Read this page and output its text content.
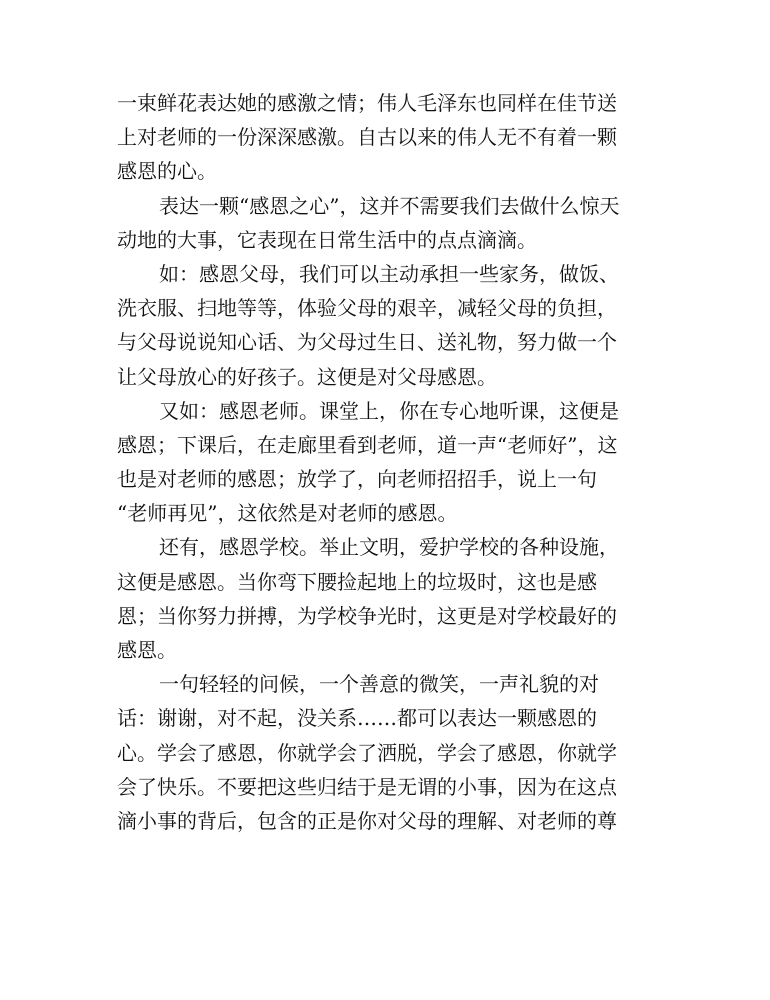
一束鲜花表达她的感激之情；伟人毛泽东也同样在佳节送
上对老师的一份深深感激。自古以来的伟人无不有着一颗
感恩的心。
表达一颗“感恩之心”，这并不需要我们去做什么惊天
动地的大事，它表现在日常生活中的点点滴滴。
如：感恩父母，我们可以主动承担一些家务，做饭、
洗衣服、扫地等等，体验父母的艰辛，减轻父母的负担，
与父母说说知心话、为父母过生日、送礼物，努力做一个
让父母放心的好孩子。这便是对父母感恩。
又如：感恩老师。课堂上，你在专心地听课，这便是
感恩；下课后，在走廊里看到老师，道一声“老师好”，这
也是对老师的感恩；放学了，向老师招招手，说上一句
“老师再见”，这依然是对老师的感恩。
还有，感恩学校。举止文明，爱护学校的各种设施，
这便是感恩。当你弯下腰捡起地上的垃圾时，这也是感
恩；当你努力拼搏，为学校争光时，这更是对学校最好的
感恩。
一句轻轻的问候，一个善意的微笑，一声礼貌的对
话：谢谢，对不起，没关系……都可以表达一颗感恩的
心。学会了感恩，你就学会了洒脱，学会了感恩，你就学
会了快乐。不要把这些归结于是无谓的小事，因为在这点
滴小事的背后，包含的正是你对父母的理解、对老师的尊
